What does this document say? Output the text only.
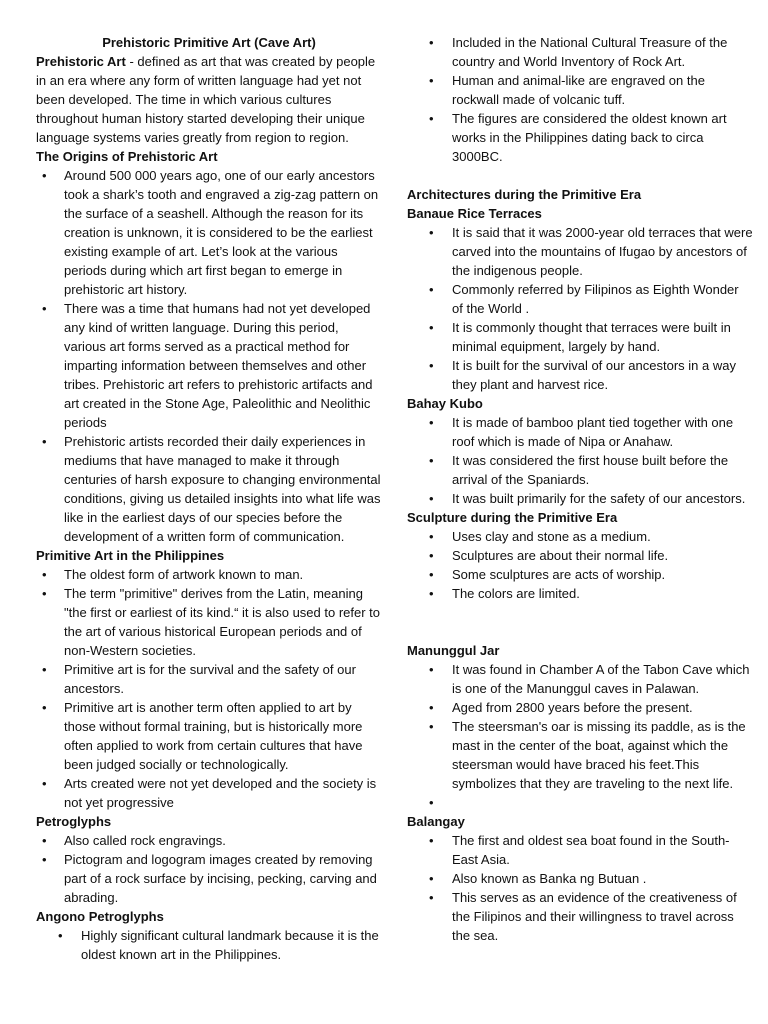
Prehistoric Primitive Art (Cave Art)
Prehistoric Art - defined as art that was created by people in an era where any form of written language had yet not been developed. The time in which various cultures throughout human history started developing their unique language systems varies greatly from region to region.
The Origins of Prehistoric Art
• Around 500 000 years ago, one of our early ancestors took a shark’s tooth and engraved a zig-zag pattern on the surface of a seashell. Although the reason for its creation is unknown, it is considered to be the earliest existing example of art. Let’s look at the various periods during which art first began to emerge in prehistoric art history.
• There was a time that humans had not yet developed any kind of written language. During this period, various art forms served as a practical method for imparting information between themselves and other tribes. Prehistoric art refers to prehistoric artifacts and art created in the Stone Age, Paleolithic and Neolithic periods
• Prehistoric artists recorded their daily experiences in mediums that have managed to make it through centuries of harsh exposure to changing environmental conditions, giving us detailed insights into what life was like in the earliest days of our species before the development of a written form of communication.
Primitive Art in the Philippines
• The oldest form of artwork known to man.
• The term "primitive" derives from the Latin, meaning "the first or earliest of its kind.“ it is also used to refer to the art of various historical European periods and of non-Western societies.
• Primitive art is for the survival and the safety of our ancestors.
• Primitive art is another term often applied to art by those without formal training, but is historically more often applied to work from certain cultures that have been judged socially or technologically.
• Arts created were not yet developed and the society is not yet progressive
Petroglyphs
• Also called rock engravings.
• Pictogram and logogram images created by removing part of a rock surface by incising, pecking, carving and abrading.
Angono Petroglyphs
• Highly significant cultural landmark because it is the oldest known art in the Philippines.
• Included in the National Cultural Treasure of the country and World Inventory of Rock Art.
• Human and animal-like are engraved on the rockwall made of volcanic tuff.
• The figures are considered the oldest known art works in the Philippines dating back to circa 3000BC.
Architectures during the Primitive Era
Banaue Rice Terraces
• It is said that it was 2000-year old terraces that were carved into the mountains of Ifugao by ancestors of the indigenous people.
• Commonly referred by Filipinos as Eighth Wonder of the World .
• It is commonly thought that terraces were built in minimal equipment, largely by hand.
• It is built for the survival of our ancestors in a way they plant and harvest rice.
Bahay Kubo
• It is made of bamboo plant tied together with one roof which is made of Nipa or Anahaw.
• It was considered the first house built before the arrival of the Spaniards.
• It was built primarily for the safety of our ancestors.
Sculpture during the Primitive Era
• Uses clay and stone as a medium.
• Sculptures are about their normal life.
• Some sculptures are acts of worship.
• The colors are limited.
Manunggul Jar
• It was found in Chamber A of the Tabon Cave which is one of the Manunggul caves in Palawan.
• Aged from 2800 years before the present.
• The steersman's oar is missing its paddle, as is the mast in the center of the boat, against which the steersman would have braced his feet.This symbolizes that they are traveling to the next life.
•
Balangay
• The first and oldest sea boat found in the South-East Asia.
• Also known as Banka ng Butuan .
• This serves as an evidence of the creativeness of the Filipinos and their willingness to travel across the sea.
